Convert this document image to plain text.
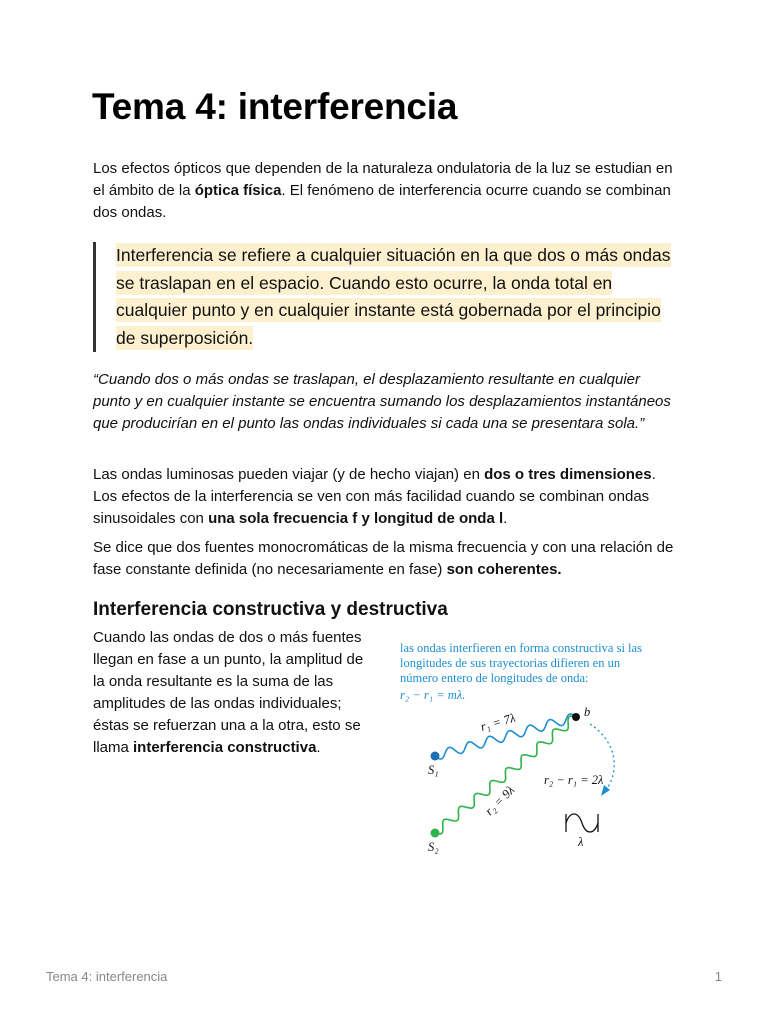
Tema 4: interferencia

Los efectos ópticos que dependen de la naturaleza ondulatoria de la luz se estudian en el ámbito de la óptica física. El fenómeno de interferencia ocurre cuando se combinan dos ondas.

Interferencia se refiere a cualquier situación en la que dos o más ondas se traslapan en el espacio. Cuando esto ocurre, la onda total en cualquier punto y en cualquier instante está gobernada por el principio de superposición.

“Cuando dos o más ondas se traslapan, el desplazamiento resultante en cualquier punto y en cualquier instante se encuentra sumando los desplazamientos instantáneos que producirían en el punto las ondas individuales si cada una se presentara sola.”

Las ondas luminosas pueden viajar (y de hecho viajan) en dos o tres dimensiones. Los efectos de la interferencia se ven con más facilidad cuando se combinan ondas sinusoidales con una sola frecuencia f y longitud de onda l.

Se dice que dos fuentes monocromáticas de la misma frecuencia y con una relación de fase constante definida (no necesariamente en fase) son coherentes.

Interferencia constructiva y destructiva

Cuando las ondas de dos o más fuentes llegan en fase a un punto, la amplitud de la onda resultante es la suma de las amplitudes de las ondas individuales; éstas se refuerzan una a la otra, esto se llama interferencia constructiva.

las ondas interfieren en forma constructiva si las
longitudes de sus trayectorias difieren en un
número entero de longitudes de onda:
r₂ − r₁ = mλ.
b
S₁
S₂
r₁ = 7λ
r₂ = 9λ
r₂ − r₁ = 2λ
λ
Tema 4: interferencia	1
